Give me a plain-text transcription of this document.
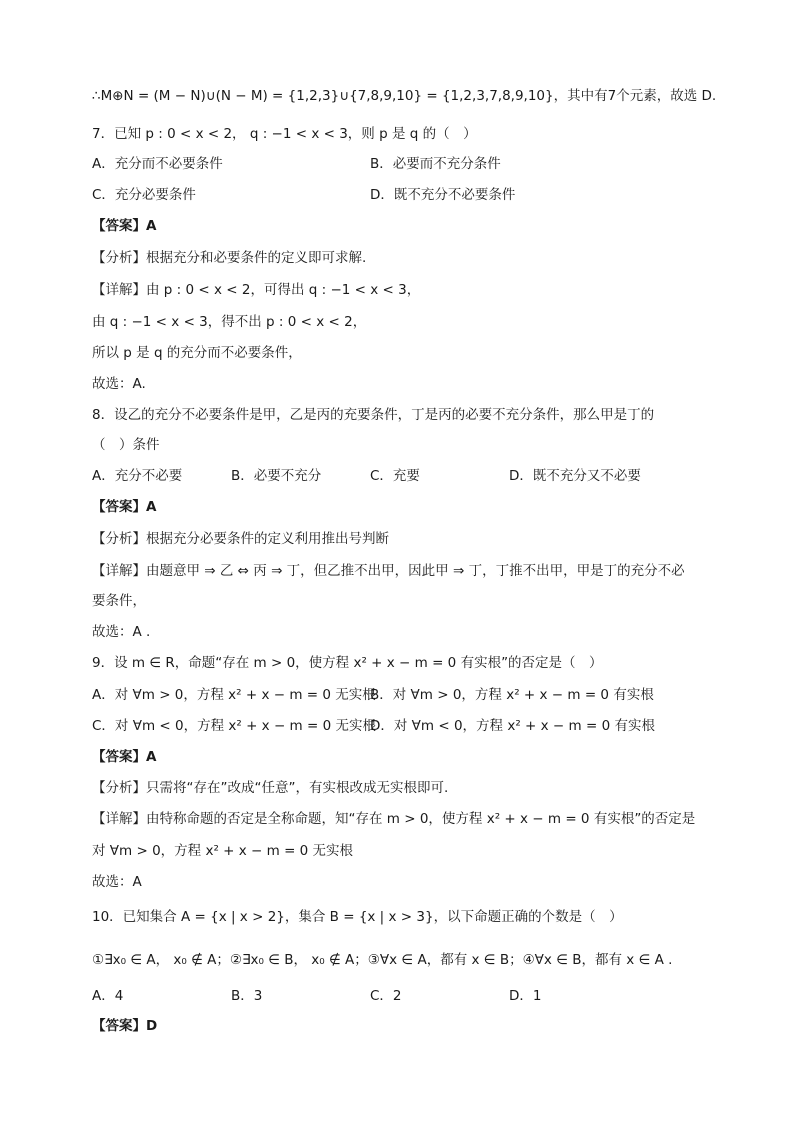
∴M⊕N = (M − N)∪(N − M) = {1,2,3}∪{7,8,9,10} = {1,2,3,7,8,9,10}，其中有7个元素，故选 D.
7．已知 p : 0 < x < 2， q : −1 < x < 3，则 p 是 q 的（　）
A．充分而不必要条件	B．必要而不充分条件
C．充分必要条件	D．既不充分不必要条件
【答案】A
【分析】根据充分和必要条件的定义即可求解.
【详解】由 p : 0 < x < 2，可得出 q : −1 < x < 3，
由 q : −1 < x < 3，得不出 p : 0 < x < 2，
所以 p 是 q 的充分而不必要条件，
故选：A.
8．设乙的充分不必要条件是甲，乙是丙的充要条件，丁是丙的必要不充分条件，那么甲是丁的
（　）条件
A．充分不必要	B．必要不充分	C．充要	D．既不充分又不必要
【答案】A
【分析】根据充分必要条件的定义利用推出号判断
【详解】由题意甲 ⇒ 乙 ⇔ 丙 ⇒ 丁，但乙推不出甲，因此甲 ⇒ 丁，丁推不出甲，甲是丁的充分不必
要条件，
故选：A .
9．设 m ∈ R，命题“存在 m > 0，使方程 x² + x − m = 0 有实根”的否定是（　）
A．对 ∀m > 0，方程 x² + x − m = 0 无实根
B．对 ∀m > 0，方程 x² + x − m = 0 有实根
C．对 ∀m < 0，方程 x² + x − m = 0 无实根
D．对 ∀m < 0，方程 x² + x − m = 0 有实根
【答案】A
【分析】只需将“存在”改成“任意”，有实根改成无实根即可.
【详解】由特称命题的否定是全称命题，知“存在 m > 0，使方程 x² + x − m = 0 有实根”的否定是
对 ∀m > 0，方程 x² + x − m = 0 无实根
故选：A
10．已知集合 A = {x | x > 2}，集合 B = {x | x > 3}，以下命题正确的个数是（　）
①∃x₀ ∈ A， x₀ ∉ A；②∃x₀ ∈ B， x₀ ∉ A；③∀x ∈ A，都有 x ∈ B；④∀x ∈ B，都有 x ∈ A .
A．4	B．3	C．2	D．1
【答案】D
